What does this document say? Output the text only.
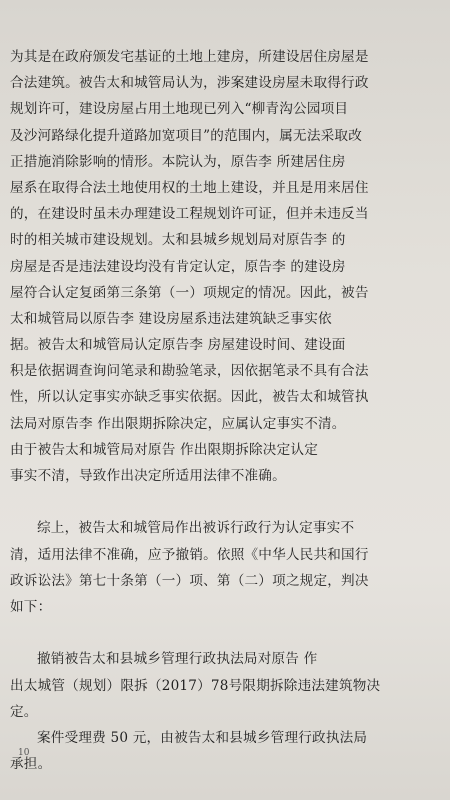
为其是在政府颁发宅基证的土地上建房，所建设居住房屋是
合法建筑。被告太和城管局认为，涉案建设房屋未取得行政
规划许可，建设房屋占用土地现已列入“柳青沟公园项目
及沙河路绿化提升道路加宽项目”的范围内，属无法采取改
正措施消除影响的情形。本院认为，原告李 所建居住房
屋系在取得合法土地使用权的土地上建设，并且是用来居住
的，在建设时虽未办理建设工程规划许可证，但并未违反当
时的相关城市建设规划。太和县城乡规划局对原告李 的
房屋是否是违法建设均没有肯定认定，原告李 的建设房
屋符合认定复函第三条第（一）项规定的情况。因此，被告
太和城管局以原告李 建设房屋系违法建筑缺乏事实依
据。被告太和城管局认定原告李 房屋建设时间、建设面
积是依据调查询问笔录和勘验笔录，因依据笔录不具有合法
性，所以认定事实亦缺乏事实依据。因此，被告太和城管执
法局对原告李 作出限期拆除决定，应属认定事实不清。
由于被告太和城管局对原告 作出限期拆除决定认定
事实不清，导致作出决定所适用法律不准确。
综上，被告太和城管局作出被诉行政行为认定事实不
清，适用法律不准确，应予撤销。依照《中华人民共和国行
政诉讼法》第七十条第（一）项、第（二）项之规定，判决
如下：
撤销被告太和县城乡管理行政执法局对原告 作
出太城管（规划）限拆（2017）78号限期拆除违法建筑物决
定。
案件受理费 50 元，由被告太和县城乡管理行政执法局
承担。
10
